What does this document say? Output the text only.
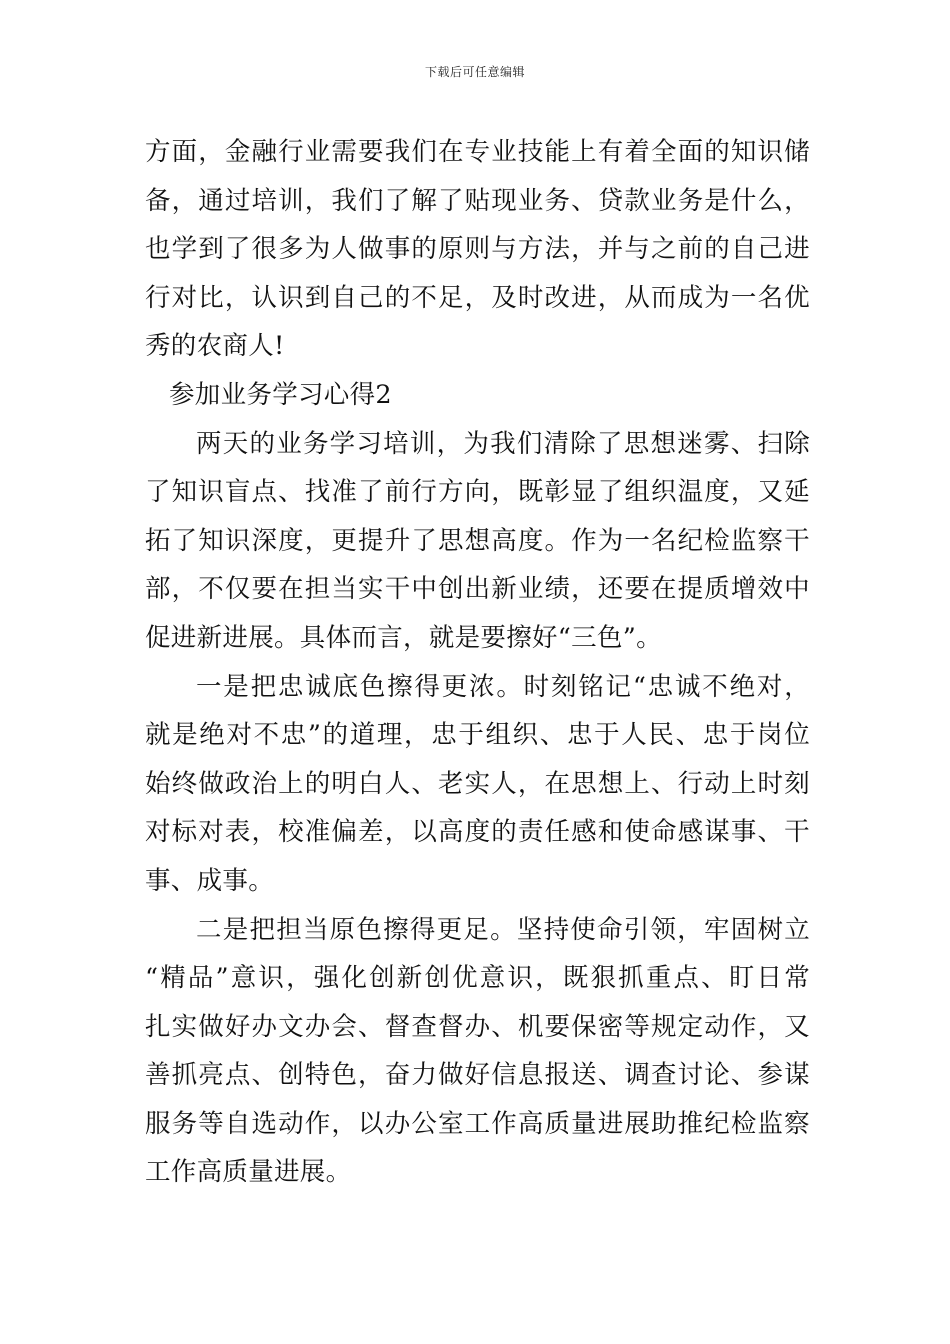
下载后可任意编辑
方面，金融行业需要我们在专业技能上有着全面的知识储
备，通过培训，我们了解了贴现业务、贷款业务是什么，
也学到了很多为人做事的原则与方法，并与之前的自己进
行对比，认识到自己的不足，及时改进，从而成为一名优
秀的农商人!
参加业务学习心得2
两天的业务学习培训，为我们清除了思想迷雾、扫除
了知识盲点、找准了前行方向，既彰显了组织温度，又延
拓了知识深度，更提升了思想高度。作为一名纪检监察干
部，不仅要在担当实干中创出新业绩，还要在提质增效中
促进新进展。具体而言，就是要擦好“三色”。
一是把忠诚底色擦得更浓。时刻铭记“忠诚不绝对，
就是绝对不忠”的道理，忠于组织、忠于人民、忠于岗位
始终做政治上的明白人、老实人，在思想上、行动上时刻
对标对表，校准偏差，以高度的责任感和使命感谋事、干
事、成事。
二是把担当原色擦得更足。坚持使命引领，牢固树立
“精品”意识，强化创新创优意识，既狠抓重点、盯日常
扎实做好办文办会、督查督办、机要保密等规定动作，又
善抓亮点、创特色，奋力做好信息报送、调查讨论、参谋
服务等自选动作，以办公室工作高质量进展助推纪检监察
工作高质量进展。
